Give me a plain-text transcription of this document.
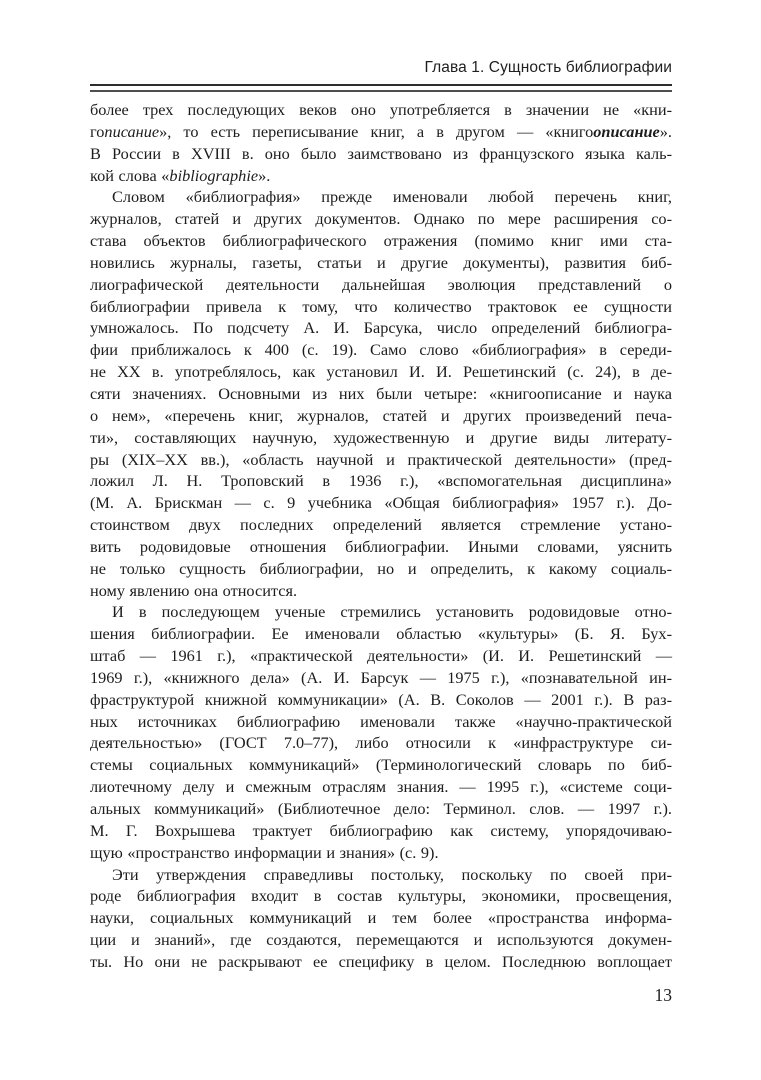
Глава 1. Сущность библиографии
более трех последующих веков оно употребляется в значении не «кни-
гописание», то есть переписывание книг, а в другом — «книгоописание».
В России в XVIII в. оно было заимствовано из французского языка каль-
кой слова «bibliographie».
Словом «библиография» прежде именовали любой перечень книг,
журналов, статей и других документов. Однако по мере расширения со-
става объектов библиографического отражения (помимо книг ими ста-
новились журналы, газеты, статьи и другие документы), развития биб-
лиографической деятельности дальнейшая эволюция представлений о
библиографии привела к тому, что количество трактовок ее сущности
умножалось. По подсчету А. И. Барсука, число определений библиогра-
фии приближалось к 400 (с. 19). Само слово «библиография» в середи-
не XX в. употреблялось, как установил И. И. Решетинский (с. 24), в де-
сяти значениях. Основными из них были четыре: «книгоописание и наука
о нем», «перечень книг, журналов, статей и других произведений печа-
ти», составляющих научную, художественную и другие виды литерату-
ры (XIX–XX вв.), «область научной и практической деятельности» (пред-
ложил Л. Н. Троповский в 1936 г.), «вспомогательная дисциплина»
(М. А. Брискман — с. 9 учебника «Общая библиография» 1957 г.). До-
стоинством двух последних определений является стремление устано-
вить родовидовые отношения библиографии. Иными словами, уяснить
не только сущность библиографии, но и определить, к какому социаль-
ному явлению она относится.
И в последующем ученые стремились установить родовидовые отно-
шения библиографии. Ее именовали областью «культуры» (Б. Я. Бух-
штаб — 1961 г.), «практической деятельности» (И. И. Решетинский —
1969 г.), «книжного дела» (А. И. Барсук — 1975 г.), «познавательной ин-
фраструктурой книжной коммуникации» (А. В. Соколов — 2001 г.). В раз-
ных источниках библиографию именовали также «научно-практической
деятельностью» (ГОСТ 7.0–77), либо относили к «инфраструктуре си-
стемы социальных коммуникаций» (Терминологический словарь по биб-
лиотечному делу и смежным отраслям знания. — 1995 г.), «системе соци-
альных коммуникаций» (Библиотечное дело: Терминол. слов. — 1997 г.).
М. Г. Вохрышева трактует библиографию как систему, упорядочиваю-
щую «пространство информации и знания» (с. 9).
Эти утверждения справедливы постольку, поскольку по своей при-
роде библиография входит в состав культуры, экономики, просвещения,
науки, социальных коммуникаций и тем более «пространства информа-
ции и знаний», где создаются, перемещаются и используются докумен-
ты. Но они не раскрывают ее специфику в целом. Последнюю воплощает
13
